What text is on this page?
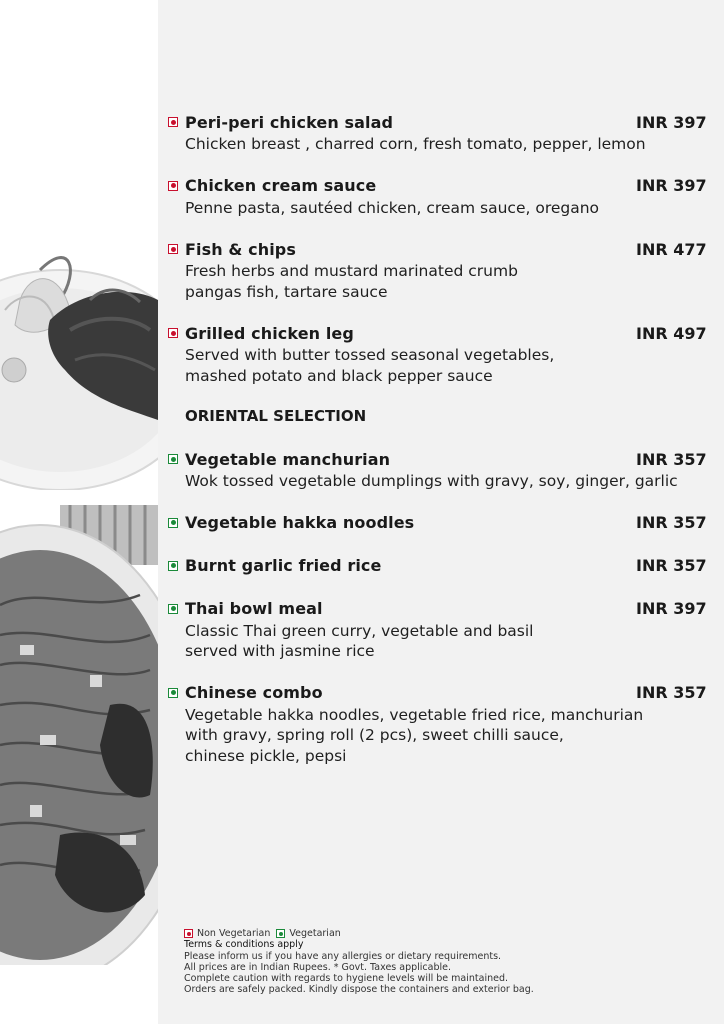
Peri-peri chicken salad	INR 397
Chicken breast , charred corn, fresh tomato, pepper, lemon
Chicken cream sauce	INR 397
Penne pasta, sautéed chicken, cream sauce, oregano
Fish & chips	INR 477
Fresh herbs and mustard marinated crumb
pangas fish, tartare sauce
Grilled chicken leg	INR 497
Served with butter tossed seasonal vegetables,
mashed potato and black pepper sauce
ORIENTAL SELECTION
Vegetable manchurian	INR 357
Wok tossed vegetable dumplings with gravy, soy, ginger, garlic
Vegetable hakka noodles	INR 357
Burnt garlic fried rice	INR 357
Thai bowl meal	INR 397
Classic Thai green curry, vegetable and basil
served with jasmine rice
Chinese combo	INR 357
Vegetable hakka noodles, vegetable fried rice, manchurian
with gravy, spring roll (2 pcs), sweet chilli sauce,
chinese pickle, pepsi
Non Vegetarian Vegetarian
Terms & conditions apply
Please inform us if you have any allergies or dietary requirements.
All prices are in Indian Rupees. * Govt. Taxes applicable.
Complete caution with regards to hygiene levels will be maintained.
Orders are safely packed. Kindly dispose the containers and exterior bag.
